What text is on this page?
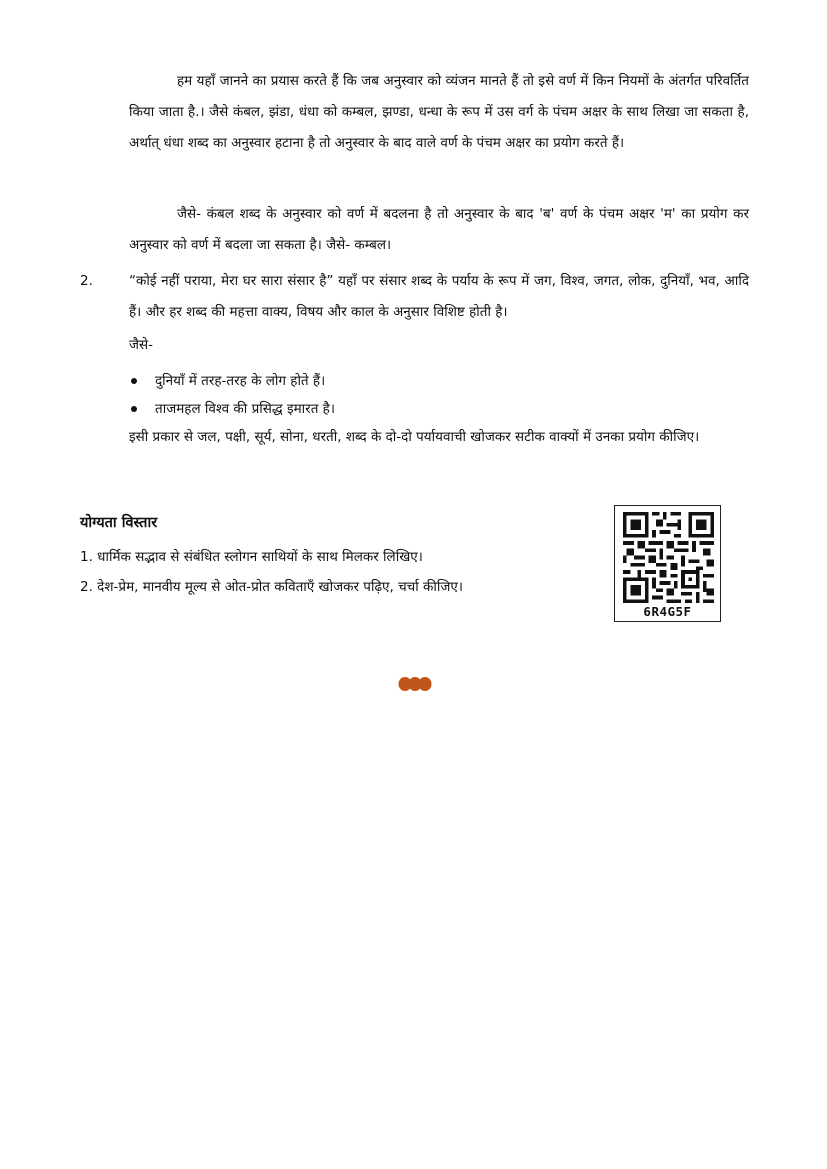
हम यहाँ जानने का प्रयास करते हैं कि जब अनुस्वार को व्यंजन मानते हैं तो इसे वर्ण में किन नियमों के अंतर्गत परिवर्तित किया जाता है.। जैसे कंबल, झंडा, धंधा को कम्बल, झण्डा, धन्धा के रूप में उस वर्ग के पंचम अक्षर के साथ लिखा जा सकता है, अर्थात् धंधा शब्द का अनुस्वार हटाना है तो अनुस्वार के बाद वाले वर्ण के पंचम अक्षर का प्रयोग करते हैं।

जैसे- कंबल शब्द के अनुस्वार को वर्ण में बदलना है तो अनुस्वार के बाद 'ब' वर्ण के पंचम अक्षर 'म' का प्रयोग कर अनुस्वार को वर्ण में बदला जा सकता है। जैसे- कम्बल।

2.	“कोई नहीं पराया, मेरा घर सारा संसार है” यहाँ पर संसार शब्द के पर्याय के रूप में जग, विश्व, जगत, लोक, दुनियाँ, भव, आदि हैं। और हर शब्द की महत्ता वाक्य, विषय और काल के अनुसार विशिष्ट होती है।

जैसे-
दुनियाँ में तरह-तरह के लोग होते हैं।
ताजमहल विश्व की प्रसिद्ध इमारत है।

इसी प्रकार से जल, पक्षी, सूर्य, सोना, धरती, शब्द के दो-दो पर्यायवाची खोजकर सटीक वाक्यों में उनका प्रयोग कीजिए।

योग्यता विस्तार
1. धार्मिक सद्भाव से संबंधित स्लोगन साथियों के साथ मिलकर लिखिए।
2. देश-प्रेम, मानवीय मूल्य से ओत-प्रोत कविताएँ खोजकर पढ़िए, चर्चा कीजिए।
6R4G5F
